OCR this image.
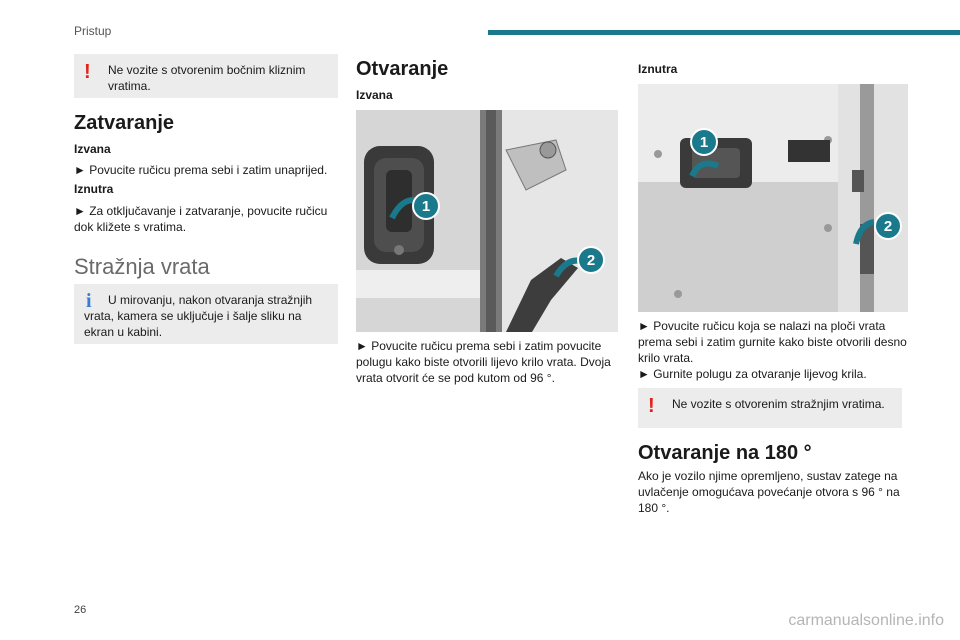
Pristup
! Ne vozite s otvorenim bočnim kliznim vratima.
Zatvaranje
Izvana
► Povucite ručicu prema sebi i zatim unaprijed.
Iznutra
► Za otključavanje i zatvaranje, povucite ručicu dok kližete s vratima.
Stražnja vrata
i	U mirovanju, nakon otvaranja stražnjih vrata, kamera se uključuje i šalje sliku na ekran u kabini.
Otvaranje
Izvana
1
2
► Povucite ručicu prema sebi i zatim povucite polugu kako biste otvorili lijevo krilo vrata. Dvoja vrata otvorit će se pod kutom od 96 °.
Iznutra
1
2
► Povucite ručicu koja se nalazi na ploči vrata prema sebi i zatim gurnite kako biste otvorili desno krilo vrata.
► Gurnite polugu za otvaranje lijevog krila.
! Ne vozite s otvorenim stražnjim vratima.
Otvaranje na 180 °
Ako je vozilo njime opremljeno, sustav zatege na uvlačenje omogućava povećanje otvora s 96 ° na 180 °.
26
carmanualsonline.info
